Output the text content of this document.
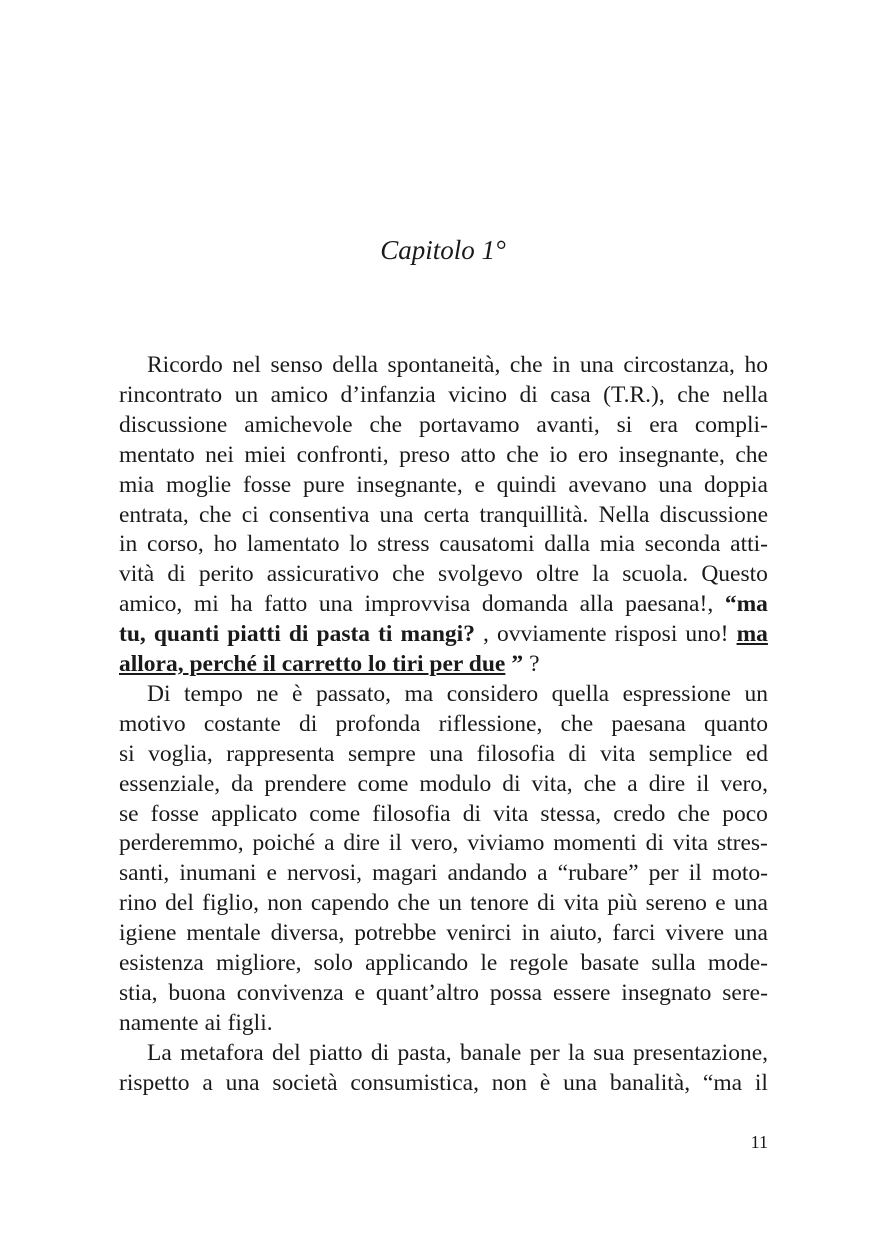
Capitolo 1°
Ricordo nel senso della spontaneità, che in una circostanza, ho
rincontrato un amico d’infanzia vicino di casa (T.R.), che nella
discussione amichevole che portavamo avanti, si era compli-
mentato nei miei confronti, preso atto che io ero insegnante, che
mia moglie fosse pure insegnante, e quindi avevano una doppia
entrata, che ci consentiva una certa tranquillità. Nella discussione
in corso, ho lamentato lo stress causatomi dalla mia seconda atti-
vità di perito assicurativo che svolgevo oltre la scuola. Questo
amico, mi ha fatto una improvvisa domanda alla paesana!, “ma
tu, quanti piatti di pasta ti mangi? , ovviamente risposi uno! ma
allora, perché il carretto lo tiri per due ” ?
Di tempo ne è passato, ma considero quella espressione un
motivo costante di profonda riflessione, che paesana quanto
si voglia, rappresenta sempre una filosofia di vita semplice ed
essenziale, da prendere come modulo di vita, che a dire il vero,
se fosse applicato come filosofia di vita stessa, credo che poco
perderemmo, poiché a dire il vero, viviamo momenti di vita stres-
santi, inumani e nervosi, magari andando a “rubare” per il moto-
rino del figlio, non capendo che un tenore di vita più sereno e una
igiene mentale diversa, potrebbe venirci in aiuto, farci vivere una
esistenza migliore, solo applicando le regole basate sulla mode-
stia, buona convivenza e quant’altro possa essere insegnato sere-
namente ai figli.
La metafora del piatto di pasta, banale per la sua presentazione,
rispetto a una società consumistica, non è una banalità, “ma il
11
